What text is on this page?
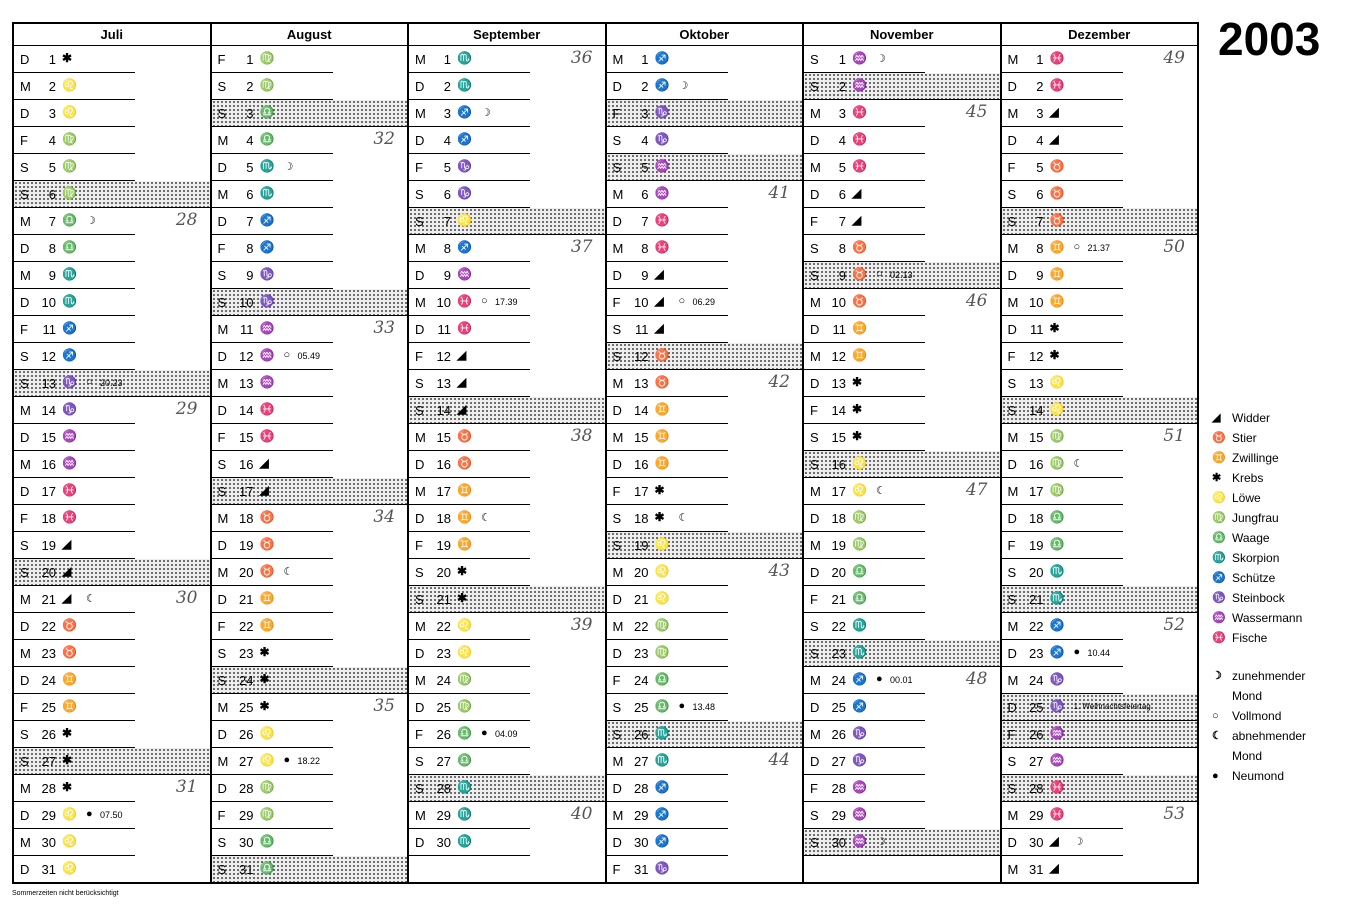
Juli
D	1 ✱
M	2 ♌
D	3 ♌
F	4 ♍
S	5 ♍
S	6 ♍
M	7 ♎ ☽	28
D	8 ♎
M	9 ♏
D 10 ♏
F	11 ♐
S 12 ♐
S 13 ♑ ○ 20.23
M 14 ♑	29
D 15 ♒
M 16 ♒
D 17 ♓
F	18 ♓
S 19 ◢
S 20 ◢
M 21 ◢ ☾	30
D 22 ♉
M 23 ♉
D 24 ♊
F	25 ♊
S 26 ✱
S 27 ✱
M 28 ✱	31
D 29 ♌ ● 07.50
M 30 ♌
D 31 ♌
August
F	1 ♍
S	2 ♍
S	3 ♎
M	4 ♎	32
D	5 ♏ ☽
M	6 ♏
D	7 ♐
F	8 ♐
S	9 ♑
S 10 ♑
M 11 ♒	33
D 12 ♒ ○ 05.49
M 13 ♒
D 14 ♓
F	15 ♓
S 16 ◢
S 17 ◢
M 18 ♉	34
D 19 ♉
M 20 ♉ ☾
D 21 ♊
F	22 ♊
S 23 ✱
S 24 ✱
M 25 ✱	35
D 26 ♌
M 27 ♌ ● 18.22
D 28 ♍
F	29 ♍
S 30 ♎
S 31 ♎
September
M	1 ♏	36
D	2 ♏
M	3 ♐ ☽
D	4 ♐
F	5 ♑
S	6 ♑
S	7 ♌
M	8 ♐	37
D	9 ♒
M 10 ♓ ○ 17.39
D	11 ♓
F	12 ◢
S 13 ◢
S 14 ◢
M 15 ♉	38
D 16 ♉
M 17 ♊
D 18 ♊ ☾
F	19 ♊
S 20 ✱
S 21 ✱
M 22 ♌	39
D 23 ♌
M 24 ♍
D 25 ♍
F	26 ♎ ● 04.09
S 27 ♎
S 28 ♏
M 29 ♏	40
D 30 ♏
Oktober
M	1 ♐
D	2 ♐ ☽
F	3 ♑
S	4 ♑
S	5 ♒
M	6 ♒	41
D	7 ♓
M	8 ♓
D	9 ◢
F	10 ◢ ○ 06.29
S	11 ◢
S 12 ♉
M 13 ♉	42
D 14 ♊
M 15 ♊
D 16 ♊
F	17 ✱
S 18 ✱ ☾
S 19 ♌
M 20 ♌	43
D 21 ♌
M 22 ♍
D 23 ♍
F	24 ♎
S 25 ♎ ● 13.48
S 26 ♏
M 27 ♏	44
D 28 ♐
M 29 ♐
D 30 ♐
F	31 ♑
November
S	1 ♒ ☽
S	2 ♒
M	3 ♓	45
D	4 ♓
M	5 ♓
D	6 ◢
F	7 ◢
S	8 ♉
S	9 ♉ ○ 02.13
M 10 ♉	46
D	11 ♊
M 12 ♊
D 13 ✱
F	14 ✱
S 15 ✱
S 16 ♌
M 17 ♌ ☾	47
D 18 ♍
M 19 ♍
D 20 ♎
F	21 ♎
S 22 ♏
S 23 ♏
M 24 ♐ ● 00.01	48
D 25 ♐
M 26 ♑
D 27 ♑
F	28 ♒
S 29 ♒
S 30 ♒ ☽
Dezember
M	1 ♓	49
D	2 ♓
M	3 ◢
D	4 ◢
F	5 ♉
S	6 ♉
S	7 ♉
M	8 ♊ ○ 21.37	50
D	9 ♊
M 10 ♊
D	11 ✱
F	12 ✱
S 13 ♌
S 14 ♌
M 15 ♍	51
D 16 ♍ ☾
M 17 ♍
D 18 ♎
F	19 ♎
S 20 ♏
S 21 ♏
M 22 ♐	52
D 23 ♐ ● 10.44
M 24 ♑
D 25 ♑ 1. Weihnachtsfeiertag
F	26 ♒
S 27 ♒
S 28 ♓
M 29 ♓	53
D 30 ◢ ☽
M 31 ◢
2003
◢ Widder
♉ Stier
♊ Zwillinge
✱ Krebs
♌ Löwe
♍ Jungfrau
♎ Waage
♏ Skorpion
♐ Schütze
♑ Steinbock
♒ Wassermann
♓ Fische
☽ zunehmender Mond
○	Vollmond
☾ abnehmender Mond
●	Neumond
Sommerzeiten nicht berücksichtigt
